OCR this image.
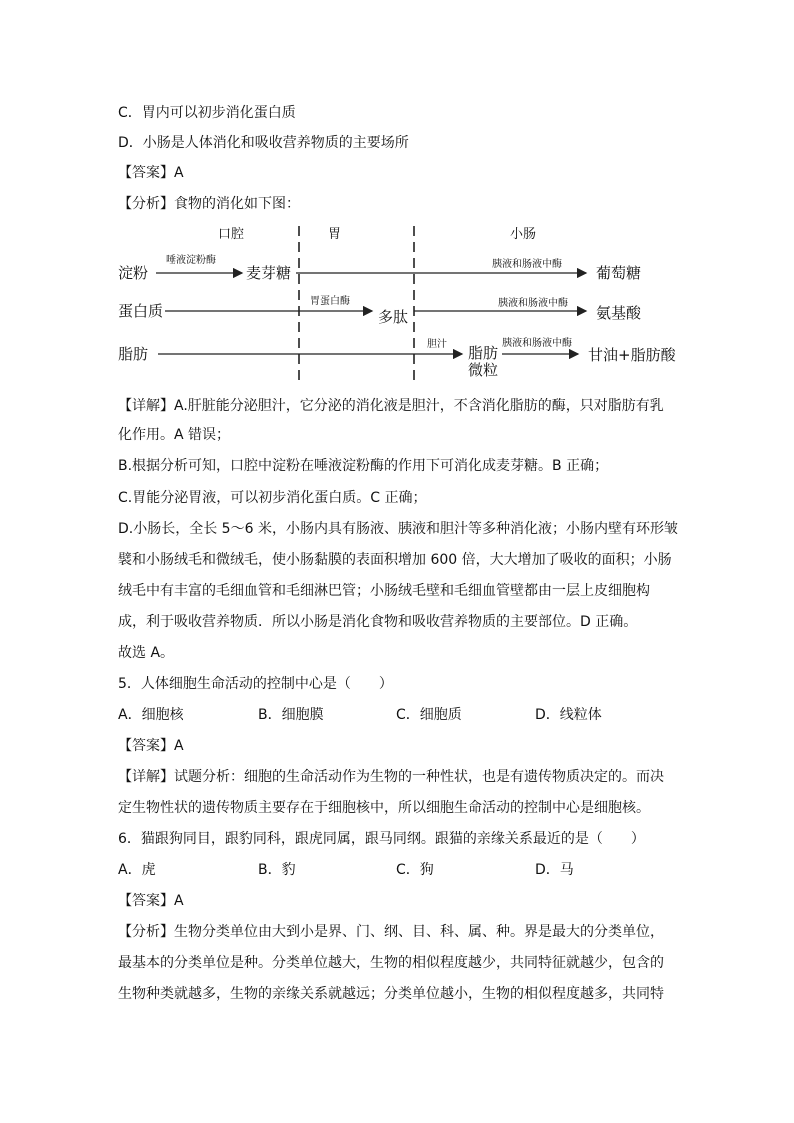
C．胃内可以初步消化蛋白质
D．小肠是人体消化和吸收营养物质的主要场所
【答案】A
【分析】食物的消化如下图：
口腔	胃	小肠
淀粉
唾液淀粉酶
麦芽糖	胰液和肠液中酶 葡萄糖
蛋白质
胃蛋白酶
多肽
胰液和肠液中酶
氨基酸
脂肪
胆汁 脂肪
微粒
胰液和肠液中酶
甘油+脂肪酸
【详解】A.肝脏能分泌胆汁，它分泌的消化液是胆汁，不含消化脂肪的酶，只对脂肪有乳
化作用。A 错误；
B.根据分析可知，口腔中淀粉在唾液淀粉酶的作用下可消化成麦芽糖。B 正确；
C.胃能分泌胃液，可以初步消化蛋白质。C 正确；
D.小肠长，全长 5～6 米，小肠内具有肠液、胰液和胆汁等多种消化液；小肠内壁有环形皱
襞和小肠绒毛和微绒毛，使小肠黏膜的表面积增加 600 倍，大大增加了吸收的面积；小肠
绒毛中有丰富的毛细血管和毛细淋巴管；小肠绒毛壁和毛细血管壁都由一层上皮细胞构
成，利于吸收营养物质．所以小肠是消化食物和吸收营养物质的主要部位。D 正确。
故选 A。
5．人体细胞生命活动的控制中心是（　　）
A．细胞核	B．细胞膜	C．细胞质	D．线粒体
【答案】A
【详解】试题分析：细胞的生命活动作为生物的一种性状，也是有遗传物质决定的。而决
定生物性状的遗传物质主要存在于细胞核中，所以细胞生命活动的控制中心是细胞核。
6．猫跟狗同目，跟豹同科，跟虎同属，跟马同纲。跟猫的亲缘关系最近的是（　　）
A．虎	B．豹	C．狗	D．马
【答案】A
【分析】生物分类单位由大到小是界、门、纲、目、科、属、种。界是最大的分类单位，
最基本的分类单位是种。分类单位越大，生物的相似程度越少，共同特征就越少，包含的
生物种类就越多，生物的亲缘关系就越远；分类单位越小，生物的相似程度越多，共同特
